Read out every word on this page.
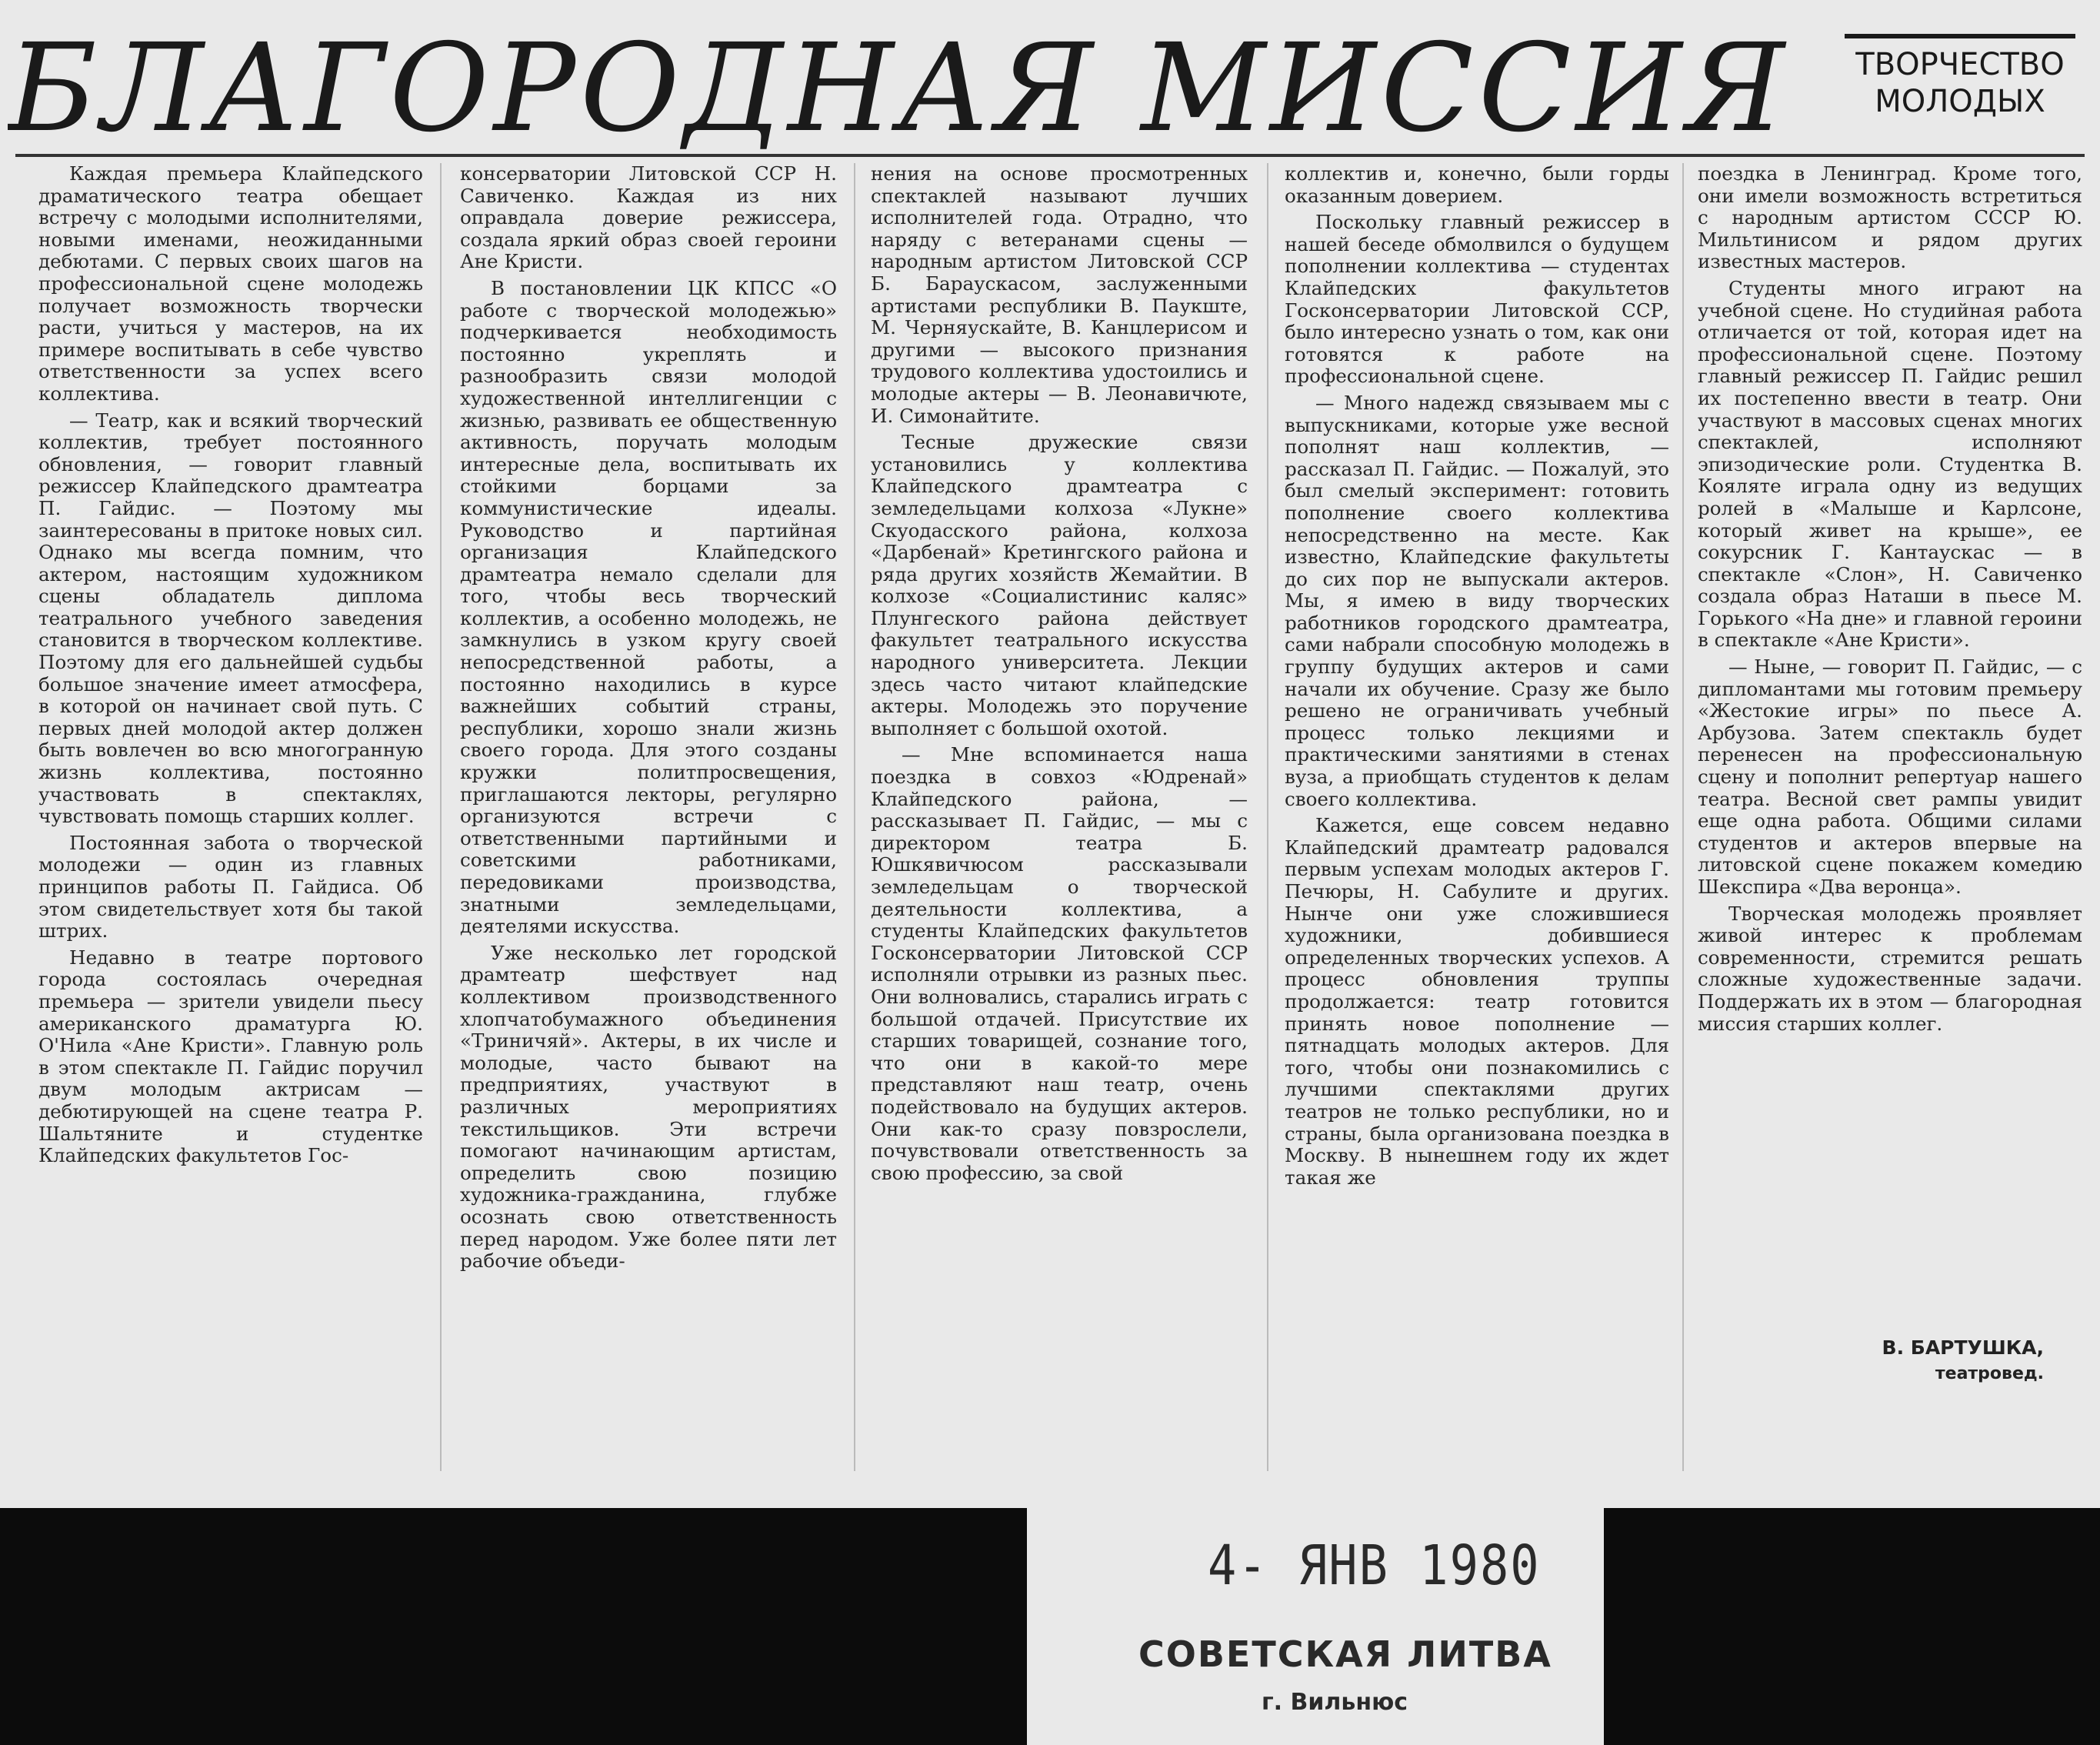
БЛАГОРОДНАЯ МИССИЯ	ТВОРЧЕСТВО
МОЛОДЫХ

Каждая премьера Клайпедского драматического театра обещает встречу с молодыми исполнителями, новыми именами, неожиданными дебютами. С первых своих шагов на профессиональной сцене молодежь получает возможность творчески расти, учиться у мастеров, на их примере воспитывать в себе чувство ответственности за успех всего коллектива.

— Театр, как и всякий творческий коллектив, требует постоянного обновления, — говорит главный режиссер Клайпедского драмтеатра П. Гайдис. — Поэтому мы заинтересованы в притоке новых сил. Однако мы всегда помним, что актером, настоящим художником сцены обладатель диплома театрального учебного заведения становится в творческом коллективе. Поэтому для его дальнейшей судьбы большое значение имеет атмосфера, в которой он начинает свой путь. С первых дней молодой актер должен быть вовлечен во всю многогранную жизнь коллектива, постоянно участвовать в спектаклях, чувствовать помощь старших коллег.

Постоянная забота о творческой молодежи — один из главных принципов работы П. Гайдиса. Об этом свидетельствует хотя бы такой штрих.

Недавно в театре портового города состоялась очередная премьера — зрители увидели пьесу американского драматурга Ю. О'Нила «Ане Кристи». Главную роль в этом спектакле П. Гайдис поручил двум молодым актрисам — дебютирующей на сцене театра Р. Шальтяните и студентке Клайпедских факультетов Гос-

консерватории Литовской ССР Н. Савиченко. Каждая из них оправдала доверие режиссера, создала яркий образ своей героини Ане Кристи.

В постановлении ЦК КПСС «О работе с творческой молодежью» подчеркивается необходимость постоянно укреплять и разнообразить связи молодой художественной интеллигенции с жизнью, развивать ее общественную активность, поручать молодым интересные дела, воспитывать их стойкими борцами за коммунистические идеалы. Руководство и партийная организация Клайпедского драмтеатра немало сделали для того, чтобы весь творческий коллектив, а особенно молодежь, не замкнулись в узком кругу своей непосредственной работы, а постоянно находились в курсе важнейших событий страны, республики, хорошо знали жизнь своего города. Для этого созданы кружки политпросвещения, приглашаются лекторы, регулярно организуются встречи с ответственными партийными и советскими работниками, передовиками производства, знатными земледельцами, деятелями искусства.

Уже несколько лет городской драмтеатр шефствует над коллективом производственного хлопчатобумажного объединения «Триничяй». Актеры, в их числе и молодые, часто бывают на предприятиях, участвуют в различных мероприятиях текстильщиков. Эти встречи помогают начинающим артистам, определить свою позицию художника-гражданина, глубже осознать свою ответственность перед народом. Уже более пяти лет рабочие объеди-

нения на основе просмотренных спектаклей называют лучших исполнителей года. Отрадно, что наряду с ветеранами сцены — народным артистом Литовской ССР Б. Бараускасом, заслуженными артистами республики В. Паукште, М. Черняускайте, В. Канцлерисом и другими — высокого признания трудового коллектива удостоились и молодые актеры — В. Леонавичюте, И. Симонайтите.

Тесные дружеские связи установились у коллектива Клайпедского драмтеатра с земледельцами колхоза «Лукне» Скуодасского района, колхоза «Дарбенай» Кретингского района и ряда других хозяйств Жемайтии. В колхозе «Социалистинис каляс» Плунгеского района действует факультет театрального искусства народного университета. Лекции здесь часто читают клайпедские актеры. Молодежь это поручение выполняет с большой охотой.

— Мне вспоминается наша поездка в совхоз «Юдренай» Клайпедского района, — рассказывает П. Гайдис, — мы с директором театра Б. Юшкявичюсом рассказывали земледельцам о творческой деятельности коллектива, а студенты Клайпедских факультетов Госконсерватории Литовской ССР исполняли отрывки из разных пьес. Они волновались, старались играть с большой отдачей. Присутствие их старших товарищей, сознание того, что они в какой-то мере представляют наш театр, очень подействовало на будущих актеров. Они как-то сразу повзрослели, почувствовали ответственность за свою профессию, за свой

коллектив и, конечно, были горды оказанным доверием.

Поскольку главный режиссер в нашей беседе обмолвился о будущем пополнении коллектива — студентах Клайпедских факультетов Госконсерватории Литовской ССР, было интересно узнать о том, как они готовятся к работе на профессиональной сцене.

— Много надежд связываем мы с выпускниками, которые уже весной пополнят наш коллектив, — рассказал П. Гайдис. — Пожалуй, это был смелый эксперимент: готовить пополнение своего коллектива непосредственно на месте. Как известно, Клайпедские факультеты до сих пор не выпускали актеров. Мы, я имею в виду творческих работников городского драмтеатра, сами набрали способную молодежь в группу будущих актеров и сами начали их обучение. Сразу же было решено не ограничивать учебный процесс только лекциями и практическими занятиями в стенах вуза, а приобщать студентов к делам своего коллектива.

Кажется, еще совсем недавно Клайпедский драмтеатр радовался первым успехам молодых актеров Г. Печюры, Н. Сабулите и других. Нынче они уже сложившиеся художники, добившиеся определенных творческих успехов. А процесс обновления труппы продолжается: театр готовится принять новое пополнение — пятнадцать молодых актеров. Для того, чтобы они познакомились с лучшими спектаклями других театров не только республики, но и страны, была организована поездка в Москву. В нынешнем году их ждет такая же

поездка в Ленинград. Кроме того, они имели возможность встретиться с народным артистом СССР Ю. Мильтинисом и рядом других известных мастеров.

Студенты много играют на учебной сцене. Но студийная работа отличается от той, которая идет на профессиональной сцене. Поэтому главный режиссер П. Гайдис решил их постепенно ввести в театр. Они участвуют в массовых сценах многих спектаклей, исполняют эпизодические роли. Студентка В. Кояляте играла одну из ведущих ролей в «Малыше и Карлсоне, который живет на крыше», ее сокурсник Г. Кантаускас — в спектакле «Слон», Н. Савиченко создала образ Наташи в пьесе М. Горького «На дне» и главной героини в спектакле «Ане Кристи».

— Ныне, — говорит П. Гайдис, — с дипломантами мы готовим премьеру «Жестокие игры» по пьесе А. Арбузова. Затем спектакль будет перенесен на профессиональную сцену и пополнит репертуар нашего театра. Весной свет рампы увидит еще одна работа. Общими силами студентов и актеров впервые на литовской сцене покажем комедию Шекспира «Два веронца».

Творческая молодежь проявляет живой интерес к проблемам современности, стремится решать сложные художественные задачи. Поддержать их в этом — благородная миссия старших коллег.

В. БАРТУШКА,
театровед.
4- ЯНВ 1980
СОВЕТСКАЯ ЛИТВА
г. Вильнюс
